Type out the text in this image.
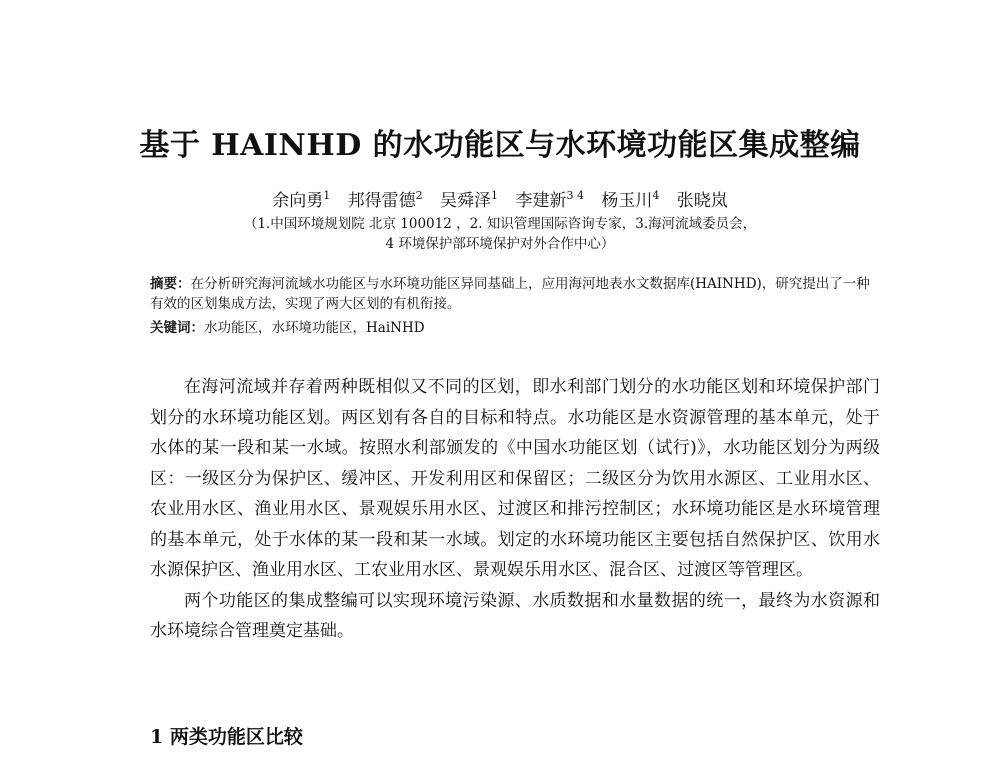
基于 HAINHD 的水功能区与水环境功能区集成整编
余向勇$^1$ 邦得雷德$^2$ 吴舜泽$^1$ 李建新$^{3 4}$ 杨玉川$^4$ 张晓岚
（1.中国环境规划院 北京 100012 ，2. 知识管理国际咨询专家，3.海河流域委员会，
4 环境保护部环境保护对外合作中心）
摘要：在分析研究海河流域水功能区与水环境功能区异同基础上，应用海河地表水文数据库(HAINHD)，研究提出了一种有效的区划集成方法，实现了两大区划的有机衔接。
关键词：水功能区，水环境功能区，HaiNHD

在海河流域并存着两种既相似又不同的区划，即水利部门划分的水功能区划和环境保护部门划分的水环境功能区划。两区划有各自的目标和特点。水功能区是水资源管理的基本单元，处于水体的某一段和某一水域。按照水利部颁发的《中国水功能区划（试行)》，水功能区划分为两级区：一级区分为保护区、缓冲区、开发利用区和保留区；二级区分为饮用水源区、工业用水区、农业用水区、渔业用水区、景观娱乐用水区、过渡区和排污控制区；水环境功能区是水环境管理的基本单元，处于水体的某一段和某一水域。划定的水环境功能区主要包括自然保护区、饮用水水源保护区、渔业用水区、工农业用水区、景观娱乐用水区、混合区、过渡区等管理区。

两个功能区的集成整编可以实现环境污染源、水质数据和水量数据的统一，最终为水资源和水环境综合管理奠定基础。

1 两类功能区比较
